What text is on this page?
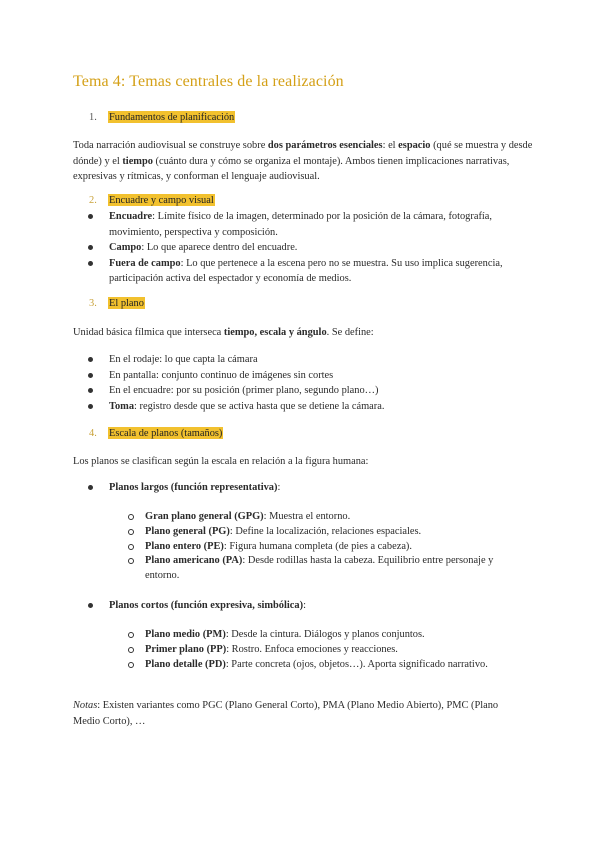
Tema 4: Temas centrales de la realización
1. Fundamentos de planificación

Toda narración audiovisual se construye sobre dos parámetros esenciales: el espacio (qué se muestra y desde dónde) y el tiempo (cuánto dura y cómo se organiza el montaje). Ambos tienen implicaciones narrativas, expresivas y rítmicas, y conforman el lenguaje audiovisual.

2. Encuadre y campo visual
Encuadre: Límite físico de la imagen, determinado por la posición de la cámara, fotografía, movimiento, perspectiva y composición.
Campo: Lo que aparece dentro del encuadre.
Fuera de campo: Lo que pertenece a la escena pero no se muestra. Su uso implica sugerencia, participación activa del espectador y economía de medios.
3. El plano

Unidad básica fílmica que interseca tiempo, escala y ángulo. Se define:

En el rodaje: lo que capta la cámara
En pantalla: conjunto continuo de imágenes sin cortes
En el encuadre: por su posición (primer plano, segundo plano…)
Toma: registro desde que se activa hasta que se detiene la cámara.
4. Escala de planos (tamaños)

Los planos se clasifican según la escala en relación a la figura humana:

Planos largos (función representativa):
Gran plano general (GPG): Muestra el entorno.
Plano general (PG): Define la localización, relaciones espaciales.
Plano entero (PE): Figura humana completa (de pies a cabeza).
Plano americano (PA): Desde rodillas hasta la cabeza. Equilibrio entre personaje y entorno.
Planos cortos (función expresiva, simbólica):
Plano medio (PM): Desde la cintura. Diálogos y planos conjuntos.
Primer plano (PP): Rostro. Enfoca emociones y reacciones.
Plano detalle (PD): Parte concreta (ojos, objetos…). Aporta significado narrativo.

Notas: Existen variantes como PGC (Plano General Corto), PMA (Plano Medio Abierto), PMC (Plano Medio Corto), …
